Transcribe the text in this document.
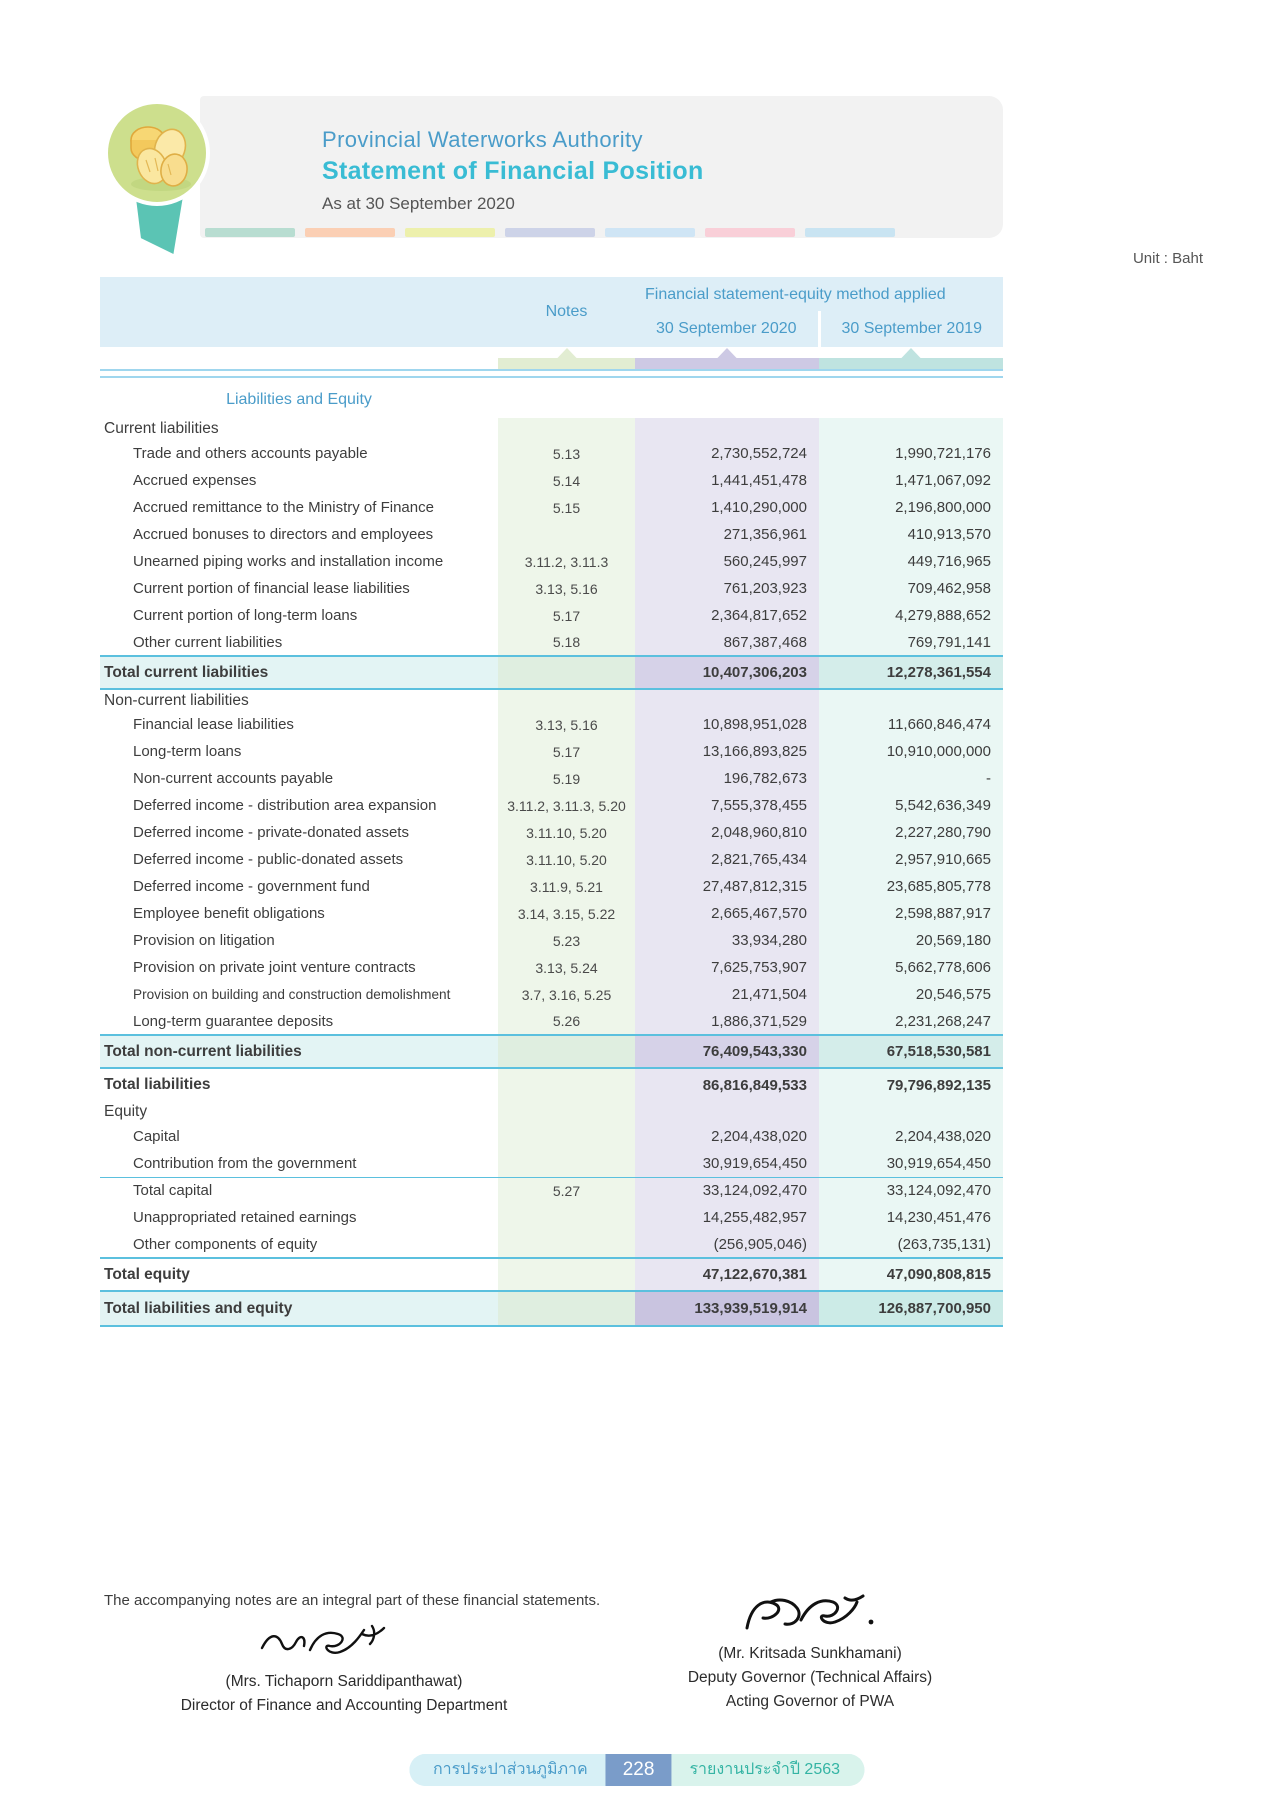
Provincial Waterworks Authority
Statement of Financial Position
As at 30 September 2020
Unit : Baht
	Notes	Financial statement-equity method applied	
		30 September 2020	30 September 2019

Liabilities and Equity			
Current liabilities			
Trade and others accounts payable	5.13	2,730,552,724	1,990,721,176
Accrued expenses	5.14	1,441,451,478	1,471,067,092
Accrued remittance to the Ministry of Finance	5.15	1,410,290,000	2,196,800,000
Accrued bonuses to directors and employees		271,356,961	410,913,570
Unearned piping works and installation income	3.11.2, 3.11.3	560,245,997	449,716,965
Current portion of financial lease liabilities	3.13, 5.16	761,203,923	709,462,958
Current portion of long-term loans	5.17	2,364,817,652	4,279,888,652
Other current liabilities	5.18	867,387,468	769,791,141
Total current liabilities		10,407,306,203	12,278,361,554
Non-current liabilities			
Financial lease liabilities	3.13, 5.16	10,898,951,028	11,660,846,474
Long-term loans	5.17	13,166,893,825	10,910,000,000
Non-current accounts payable	5.19	196,782,673	-
Deferred income - distribution area expansion	3.11.2, 3.11.3, 5.20	7,555,378,455	5,542,636,349
Deferred income - private-donated assets	3.11.10, 5.20	2,048,960,810	2,227,280,790
Deferred income - public-donated assets	3.11.10, 5.20	2,821,765,434	2,957,910,665
Deferred income - government fund	3.11.9, 5.21	27,487,812,315	23,685,805,778
Employee benefit obligations	3.14, 3.15, 5.22	2,665,467,570	2,598,887,917
Provision on litigation	5.23	33,934,280	20,569,180
Provision on private joint venture contracts	3.13, 5.24	7,625,753,907	5,662,778,606
Provision on building and construction demolishment	3.7, 3.16, 5.25	21,471,504	20,546,575
Long-term guarantee deposits	5.26	1,886,371,529	2,231,268,247
Total non-current liabilities		76,409,543,330	67,518,530,581
Total liabilities		86,816,849,533	79,796,892,135
Equity			
Capital		2,204,438,020	2,204,438,020
Contribution from the government		30,919,654,450	30,919,654,450
Total capital	5.27	33,124,092,470	33,124,092,470
Unappropriated retained earnings		14,255,482,957	14,230,451,476
Other components of equity		(256,905,046)	(263,735,131)
Total equity		47,122,670,381	47,090,808,815
Total liabilities and equity		133,939,519,914	126,887,700,950
The accompanying notes are an integral part of these financial statements.
(Mrs. Tichaporn Sariddipanthawat)
Director of Finance and Accounting Department
(Mr. Kritsada Sunkhamani)
Deputy Governor (Technical Affairs)
Acting Governor of PWA
การประปาส่วนภูมิภาค	228	รายงานประจำปี 2563
